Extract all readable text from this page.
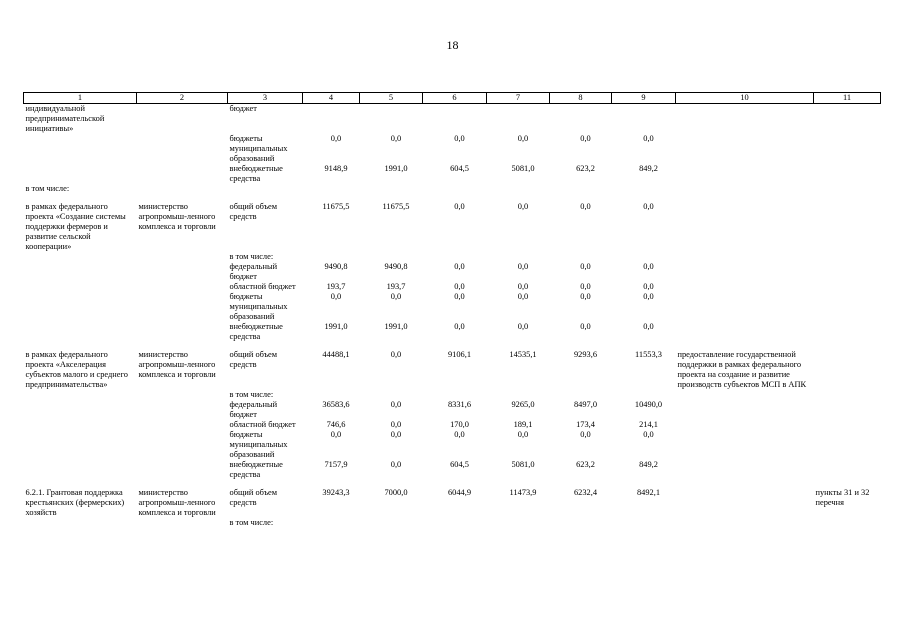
18
1	2	3	4	5	6	7	8	9	10	11
индивидуальной предпринимательской инициативы»		бюджет	

		бюджеты муниципальных образований	0,0	0,0	0,0	0,0	0,0	0,0		

		внебюджетные средства	9148,9	1991,0	604,5	5081,0	623,2	849,2		

в том числе:			

в рамках федерального проекта «Создание системы поддержки фермеров и развитие сельской кооперации»	министерство агропромыш-ленного комплекса и торговли	общий объем средств	11675,5	11675,5	0,0	0,0	0,0	0,0		

		в том числе:	

		федеральный бюджет	9490,8	9490,8	0,0	0,0	0,0	0,0		

		областной бюджет	193,7	193,7	0,0	0,0	0,0	0,0		

		бюджеты муниципальных образований	0,0	0,0	0,0	0,0	0,0	0,0		

		внебюджетные средства	1991,0	1991,0	0,0	0,0	0,0	0,0		

в рамках федерального проекта «Акселерация субъектов малого и среднего предпринимательства»	министерство агропромыш-ленного комплекса и торговли	общий объем средств	44488,1	0,0	9106,1	14535,1	9293,6	11553,3	предоставление государственной поддержки в рамках федерального проекта на создание и развитие производств субъектов МСП в АПК	
		в том числе:	

		федеральный бюджет	36583,6	0,0	8331,6	9265,0	8497,0	10490,0		

		областной бюджет	746,6	0,0	170,0	189,1	173,4	214,1		

		бюджеты муниципальных образований	0,0	0,0	0,0	0,0	0,0	0,0		

		внебюджетные средства	7157,9	0,0	604,5	5081,0	623,2	849,2		

6.2.1. Грантовая поддержка крестьянских (фермерских) хозяйств	министерство агропромыш-ленного комплекса и торговли	общий объем средств	39243,3	7000,0	6044,9	11473,9	6232,4	8492,1		пункты 31 и 32 перечня
		в том числе:	
